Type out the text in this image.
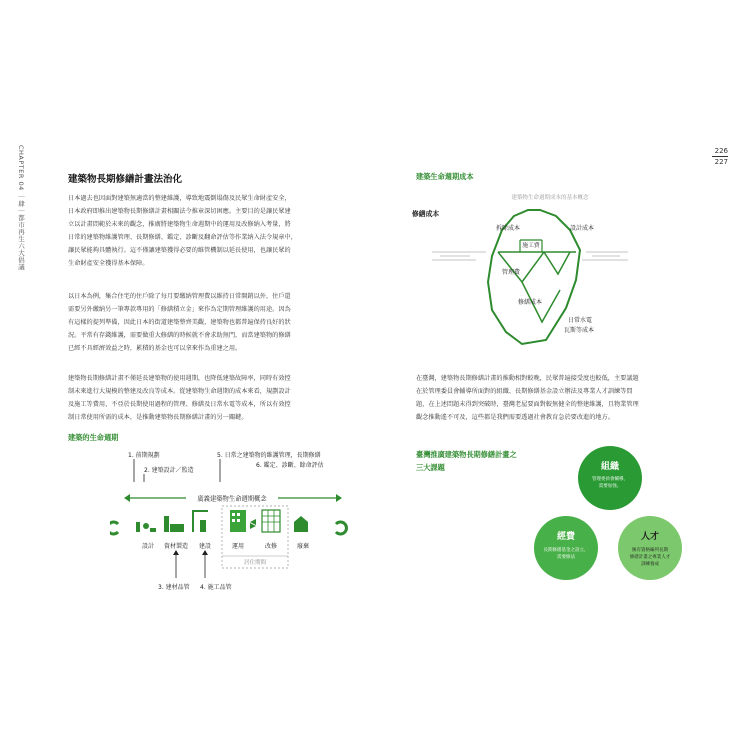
CHAPTER 04 ｜肆｜都市再生六大倡議	226
227
建築物長期修繕計畫法治化
日本過去也因面對建築無適當的整建維護，導致地震倒塌傷及民眾生命財產安全，
日本政府即推出建築物長期修繕計畫相關法令推章深切困應。主要目的是讓民眾建
立以計畫問範於未來的觀念，推廣將建築物生命週期中的運用及改修納入考量，將
日常的建築物維護管理、長期修繕、鑑定、診斷及翻命評估等作業納入法令規章中，
讓民眾能夠具體執行。這不僅讓建築獲得必要的維管機制以延長使用，也讓民眾的
生命財產安全獲得基本保障。
以日本為例，集合住宅的住戶除了每月要繳納管理費以維持日常開銷以外，住戶還
需要另外繳納另一筆專款專用的「修繕積立金」來作為定期管理維護的用途。因為
有這樣的提列準備，因此日本的街道建築整齊美觀，建築物也都普遍保持良好的狀
況。平常有存錢維護，需要做重大修繕的時候就不會求助無門，而當建築物的修繕
已經不具經濟效益之時，累積的基金也可以拿來作為重建之用。
建築物長期修繕計畫不僅延長建築物的使用週期，也降低建築故障率，同時有效控
制未來進行大規模的整建及改良等成本。從建築物生命週期的成本來看，規劃設計
及施工等費用，不亞於長期使用過程的管理、修繕及日常水電等成本，所以有效控
制日常使用所需的成本，是推動建築物長期修繕計畫的另一關鍵。
建築的生命週期
1. 前期規劃
2. 建築設計／監造
5. 日常之建築物的維護管理，長期修繕
6. 鑑定、診斷、餘命評估
廣義建築物生命週期概念
設計 資材製造 建設	運用	改修	廢棄
居住期間
3. 建材品管 4. 施工品管
建築生命週期成本
建築物生命週期成本的基本概念
修繕成本
拆除成本
施工費
設計成本
管理費
修繕成本
日常水電
瓦斯等成本
在臺灣，建築物長期修繕計畫的推動相對較晚，民眾普遍接受度也較低，主要議題
在於管理委員會輔導所面對的組織、長期修繕基金設立辦法及專業人才訓練等問
題，在上述問題未得到突破時，臺灣老屋要面對較無健全的整建維護，且物業管理
觀念推動遙不可及，這些都是我們需要透過社會教育急於要改進的地方。
臺灣推廣建築物長期修繕計畫之
三大課題	組織
管理委員會輔導，
需要加強。
經費
長期修繕基金之設立，
需要修法
人才
擁有資格編列長期
修繕計畫之專業人才
訓練養成
